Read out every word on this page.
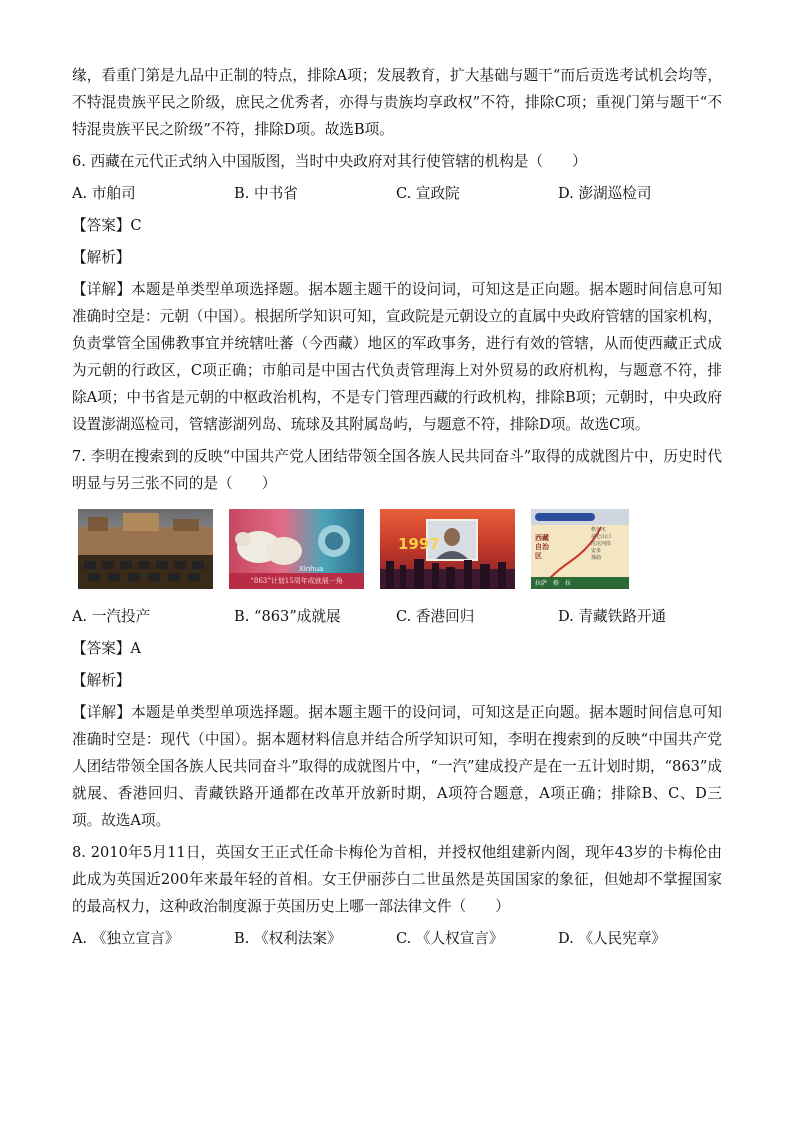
缘，看重门第是九品中正制的特点，排除A项；发展教育，扩大基础与题干“而后贡选考试机会均等，不特混贵族平民之阶级，庶民之优秀者，亦得与贵族均享政权”不符，排除C项；重视门第与题干“不特混贵族平民之阶级”不符，排除D项。故选B项。

6. 西藏在元代正式纳入中国版图，当时中央政府对其行使管辖的机构是（　　）

A. 市舶司	B. 中书省	C. 宣政院	D. 澎湖巡检司
【答案】C
【解析】

【详解】本题是单类型单项选择题。据本题主题干的设问词，可知这是正向题。据本题时间信息可知准确时空是：元朝（中国）。根据所学知识可知，宣政院是元朝设立的直属中央政府管辖的国家机构，负责掌管全国佛教事宜并统辖吐蕃（今西藏）地区的军政事务，进行有效的管辖，从而使西藏正式成为元朝的行政区，C项正确；市舶司是中国古代负责管理海上对外贸易的政府机构，与题意不符，排除A项；中书省是元朝的中枢政治机构，不是专门管理西藏的行政机构，排除B项；元朝时，中央政府设置澎湖巡检司，管辖澎湖列岛、琉球及其附属岛屿，与题意不符，排除D项。故选C项。

7. 李明在搜索到的反映“中国共产党人团结带领全国各族人民共同奋斗”取得的成就图片中，历史时代明显与另三张不同的是（　　）

“863”计划15周年成就展一角
Xinhua
1997	西藏自治区
格尔木
昆仑山口
沱沱河沿
安多
那曲
拉萨 格 拉
A. 一汽投产	B. “863”成就展	C. 香港回归	D. 青藏铁路开通
【答案】A
【解析】

【详解】本题是单类型单项选择题。据本题主题干的设问词，可知这是正向题。据本题时间信息可知准确时空是：现代（中国）。据本题材料信息并结合所学知识可知，李明在搜索到的反映“中国共产党人团结带领全国各族人民共同奋斗”取得的成就图片中，“一汽”建成投产是在一五计划时期，“863”成就展、香港回归、青藏铁路开通都在改革开放新时期，A项符合题意，A项正确；排除B、C、D三项。故选A项。

8. 2010年5月11日，英国女王正式任命卡梅伦为首相，并授权他组建新内阁，现年43岁的卡梅伦由此成为英国近200年来最年轻的首相。女王伊丽莎白二世虽然是英国国家的象征，但她却不掌握国家的最高权力，这种政治制度源于英国历史上哪一部法律文件（　　）

A. 《独立宣言》	B. 《权利法案》	C. 《人权宣言》	D. 《人民宪章》
